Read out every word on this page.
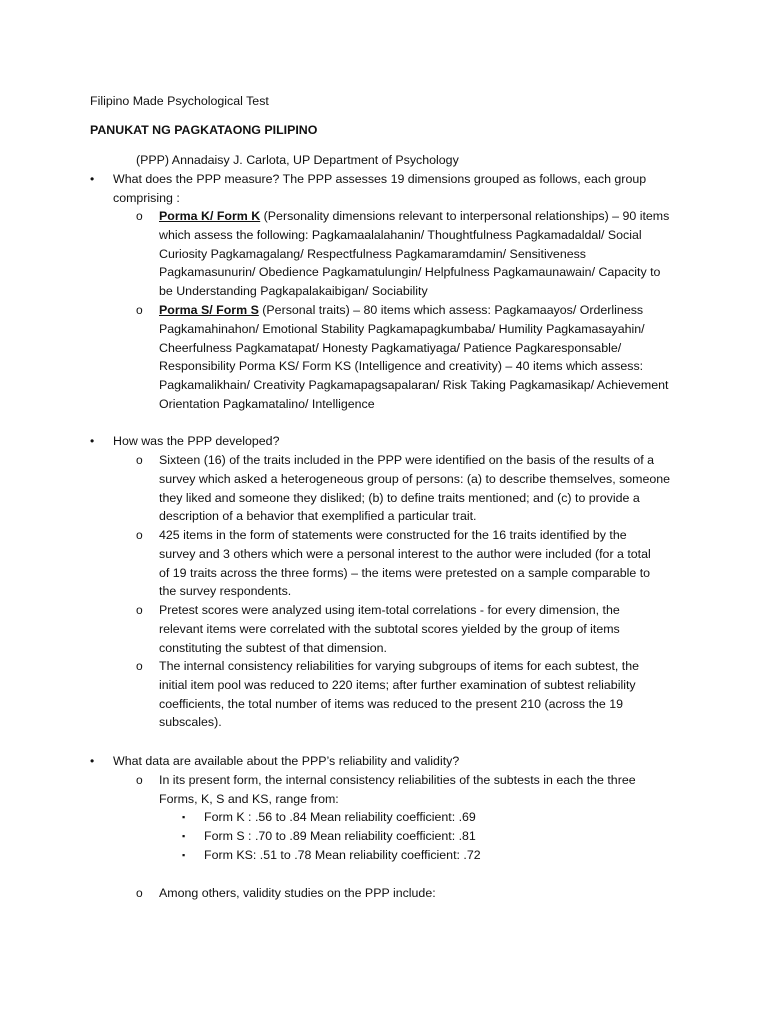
Filipino Made Psychological Test
PANUKAT NG PAGKATAONG PILIPINO
(PPP) Annadaisy J. Carlota, UP Department of Psychology
• What does the PPP measure? The PPP assesses 19 dimensions grouped as follows, each group

comprising :

o Porma K/ Form K (Personality dimensions relevant to interpersonal relationships) – 90 items

which assess the following: Pagkamaalalahanin/ Thoughtfulness Pagkamadaldal/ Social

Curiosity Pagkamagalang/ Respectfulness Pagkamaramdamin/ Sensitiveness

Pagkamasunurin/ Obedience Pagkamatulungin/ Helpfulness Pagkamaunawain/ Capacity to

be Understanding Pagkapalakaibigan/ Sociability

o Porma S/ Form S (Personal traits) – 80 items which assess: Pagkamaayos/ Orderliness

Pagkamahinahon/ Emotional Stability Pagkamapagkumbaba/ Humility Pagkamasayahin/

Cheerfulness Pagkamatapat/ Honesty Pagkamatiyaga/ Patience Pagkaresponsable/

Responsibility Porma KS/ Form KS (Intelligence and creativity) – 40 items which assess:

Pagkamalikhain/ Creativity Pagkamapagsapalaran/ Risk Taking Pagkamasikap/ Achievement

Orientation Pagkamatalino/ Intelligence

• How was the PPP developed?
o Sixteen (16) of the traits included in the PPP were identified on the basis of the results of a

survey which asked a heterogeneous group of persons: (a) to describe themselves, someone

they liked and someone they disliked; (b) to define traits mentioned; and (c) to provide a

description of a behavior that exemplified a particular trait.

o 425 items in the form of statements were constructed for the 16 traits identified by the

survey and 3 others which were a personal interest to the author were included (for a total

of 19 traits across the three forms) – the items were pretested on a sample comparable to

the survey respondents.

o Pretest scores were analyzed using item-total correlations - for every dimension, the

relevant items were correlated with the subtotal scores yielded by the group of items

constituting the subtest of that dimension.

o The internal consistency reliabilities for varying subgroups of items for each subtest, the

initial item pool was reduced to 220 items; after further examination of subtest reliability

coefficients, the total number of items was reduced to the present 210 (across the 19

subscales).

• What data are available about the PPP’s reliability and validity?
o In its present form, the internal consistency reliabilities of the subtests in each the three

Forms, K, S and KS, range from:

▪ Form K : .56 to .84 Mean reliability coefficient: .69
▪ Form S : .70 to .89 Mean reliability coefficient: .81
▪ Form KS: .51 to .78 Mean reliability coefficient: .72
o Among others, validity studies on the PPP include:
